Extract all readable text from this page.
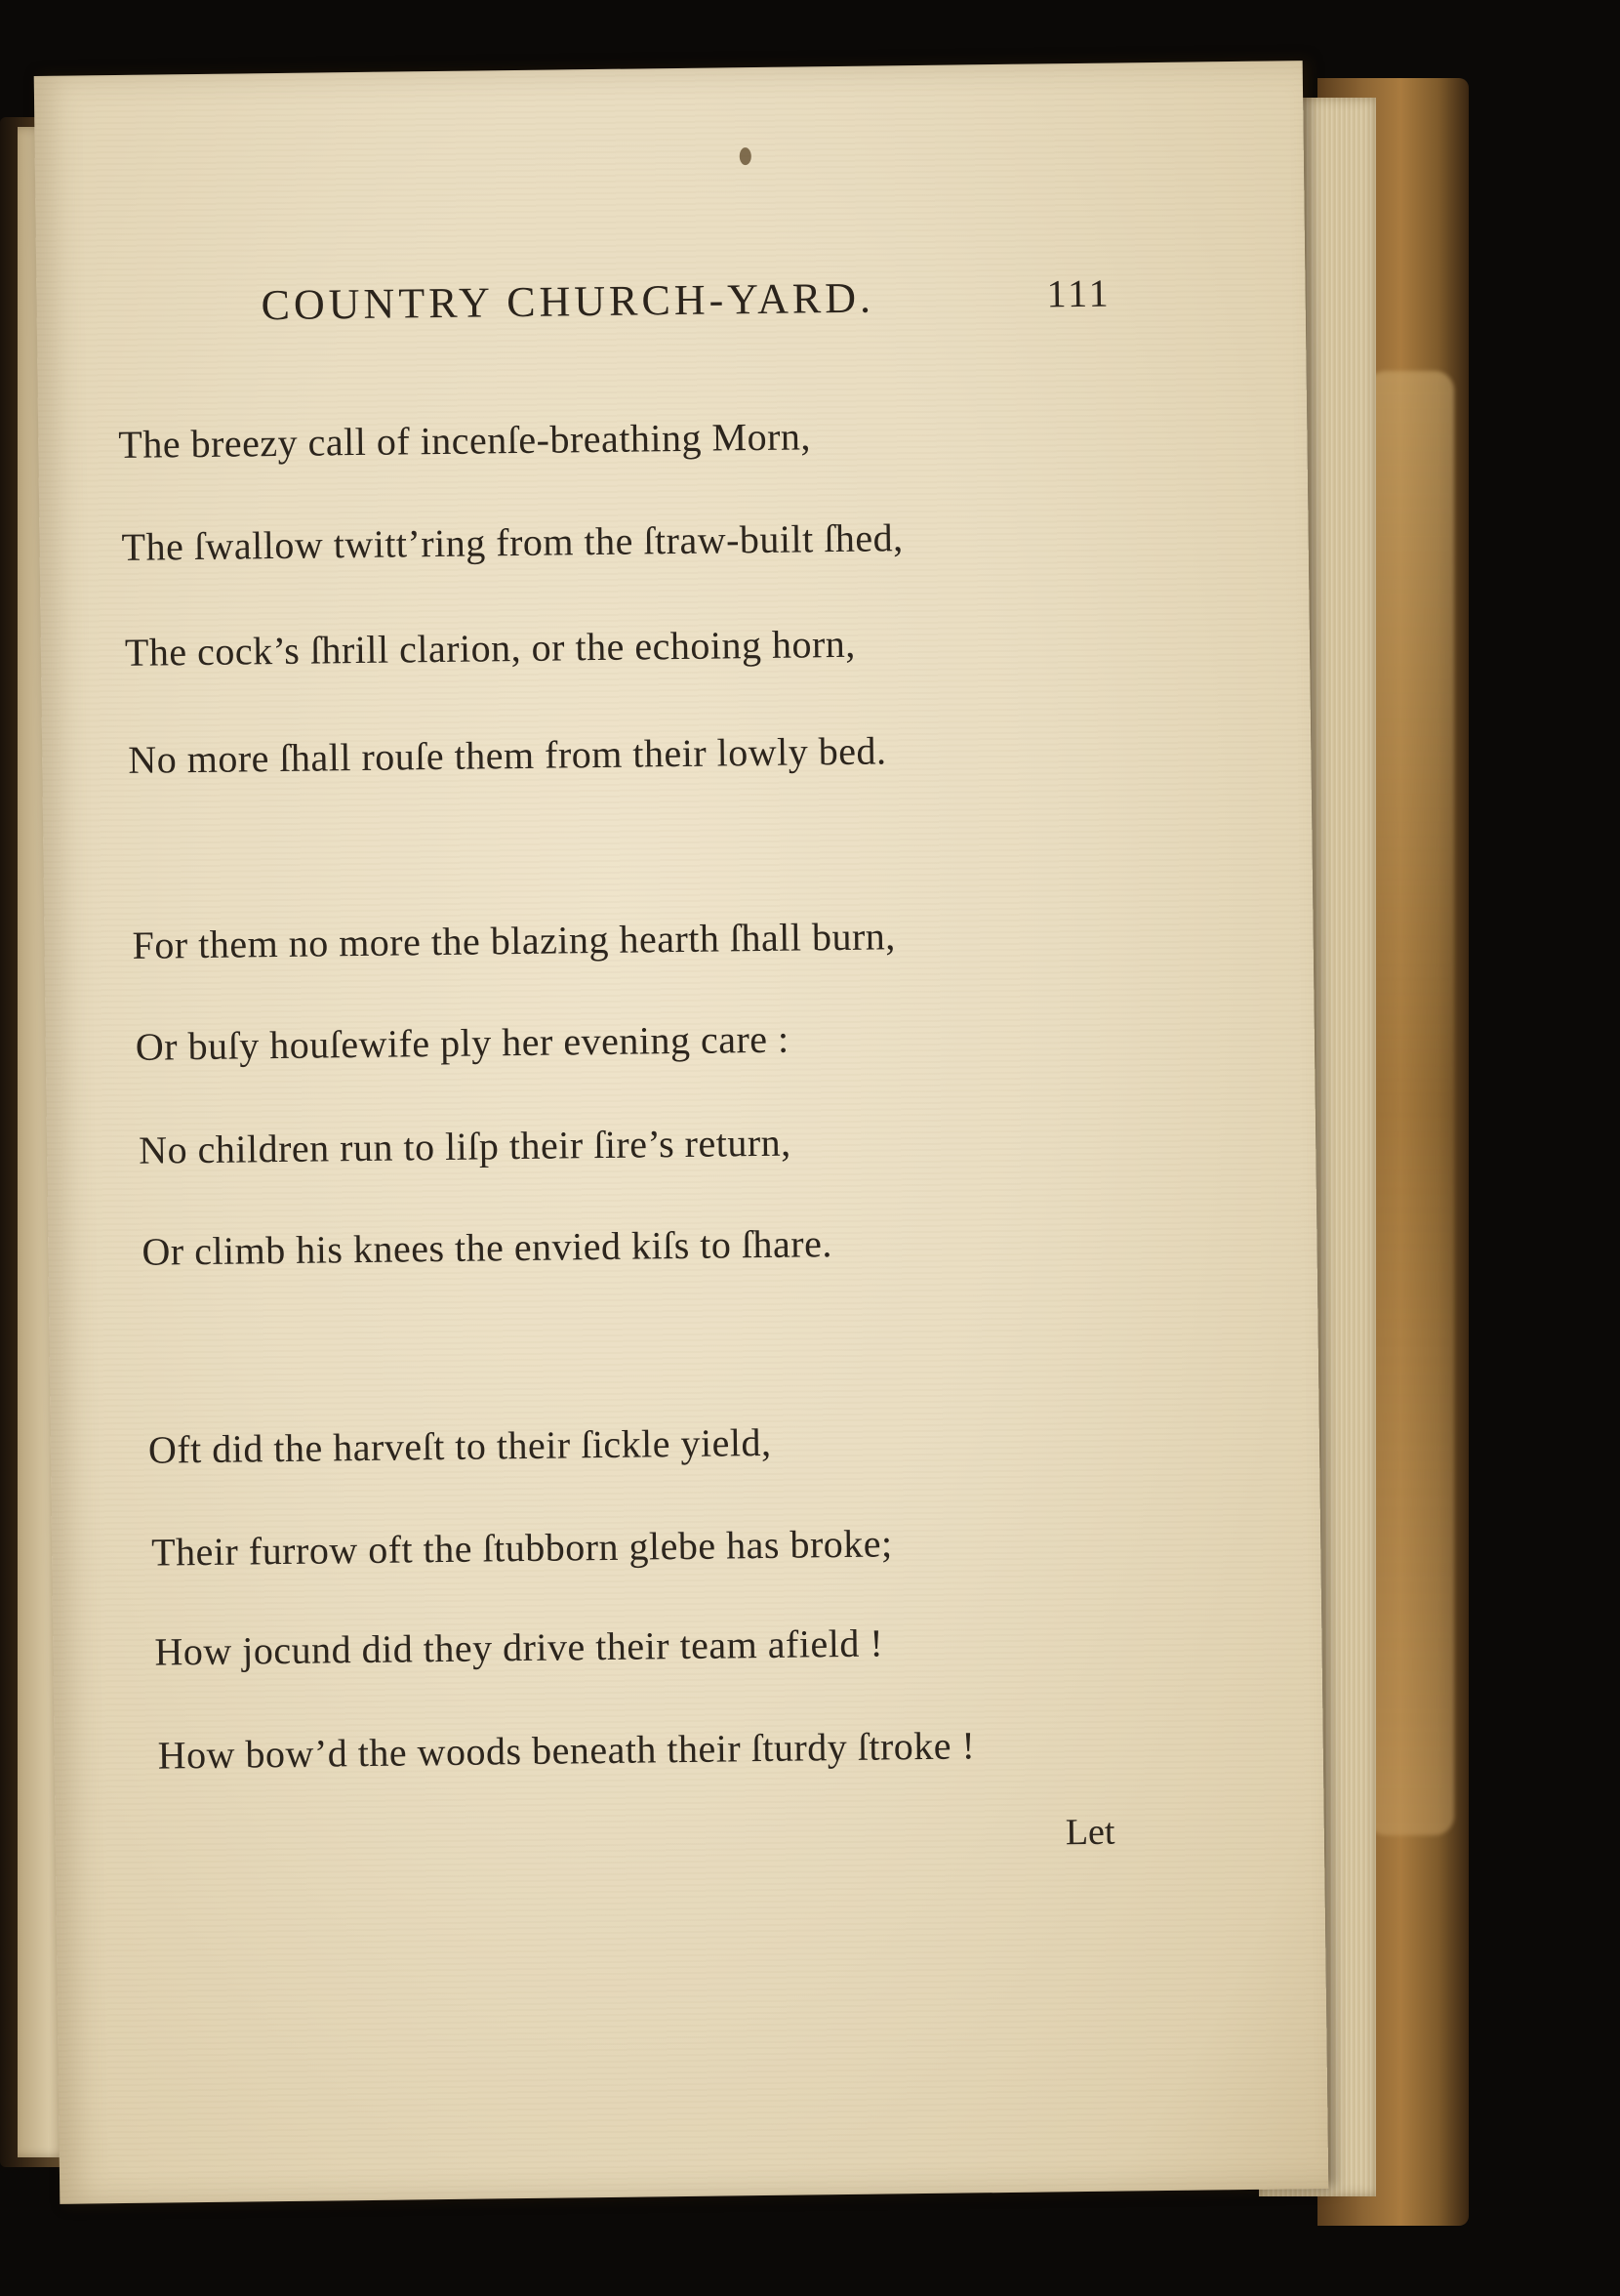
COUNTRY CHURCH-YARD.	111
The breezy call of incenſe-breathing Morn,
The ſwallow twitt’ring from the ſtraw-built ſhed,
The cock’s ſhrill clarion, or the echoing horn,
No more ſhall rouſe them from their lowly bed.
For them no more the blazing hearth ſhall burn,
Or buſy houſewife ply her evening care :
No children run to liſp their ſire’s return,
Or climb his knees the envied kiſs to ſhare.
Oft did the harveſt to their ſickle yield,
Their furrow oft the ſtubborn glebe has broke;
How jocund did they drive their team afield !
How bow’d the woods beneath their ſturdy ſtroke !
Let
